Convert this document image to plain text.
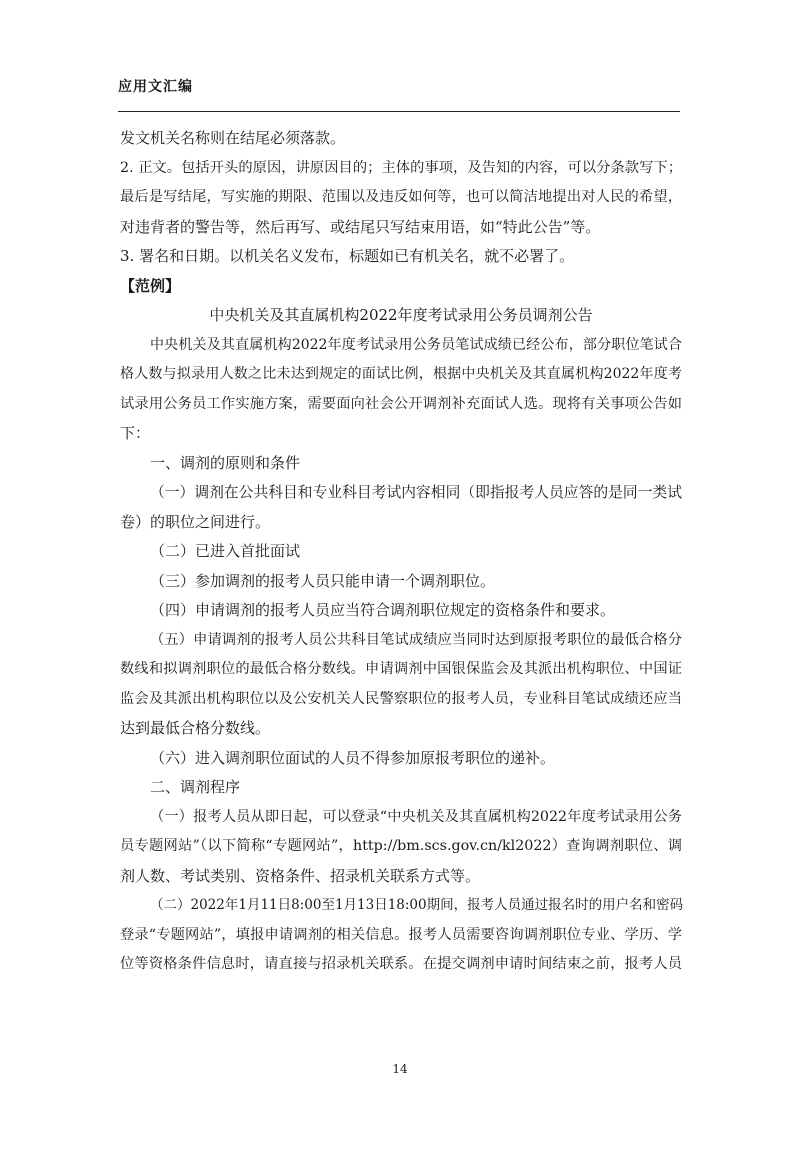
应用文汇编
发文机关名称则在结尾必须落款。
2. 正文。包括开头的原因，讲原因目的；主体的事项，及告知的内容，可以分条款写下；
最后是写结尾，写实施的期限、范围以及违反如何等，也可以简洁地提出对人民的希望，
对违背者的警告等，然后再写、或结尾只写结束用语，如“特此公告”等。
3. 署名和日期。以机关名义发布，标题如已有机关名，就不必署了。
【范例】
中央机关及其直属机构2022年度考试录用公务员调剂公告
中央机关及其直属机构2022年度考试录用公务员笔试成绩已经公布，部分职位笔试合
格人数与拟录用人数之比未达到规定的面试比例，根据中央机关及其直属机构2022年度考
试录用公务员工作实施方案，需要面向社会公开调剂补充面试人选。现将有关事项公告如
下：
一、调剂的原则和条件
（一）调剂在公共科目和专业科目考试内容相同（即指报考人员应答的是同一类试
卷）的职位之间进行。
（二）已进入首批面试
（三）参加调剂的报考人员只能申请一个调剂职位。
（四）申请调剂的报考人员应当符合调剂职位规定的资格条件和要求。
（五）申请调剂的报考人员公共科目笔试成绩应当同时达到原报考职位的最低合格分
数线和拟调剂职位的最低合格分数线。申请调剂中国银保监会及其派出机构职位、中国证
监会及其派出机构职位以及公安机关人民警察职位的报考人员，专业科目笔试成绩还应当
达到最低合格分数线。
（六）进入调剂职位面试的人员不得参加原报考职位的递补。
二、调剂程序
（一）报考人员从即日起，可以登录“中央机关及其直属机构2022年度考试录用公务
员专题网站”（以下简称“专题网站”，http://bm.scs.gov.cn/kl2022）查询调剂职位、调
剂人数、考试类别、资格条件、招录机关联系方式等。
（二）2022年1月11日8:00至1月13日18:00期间，报考人员通过报名时的用户名和密码
登录“专题网站”，填报申请调剂的相关信息。报考人员需要咨询调剂职位专业、学历、学
位等资格条件信息时，请直接与招录机关联系。在提交调剂申请时间结束之前，报考人员
14
